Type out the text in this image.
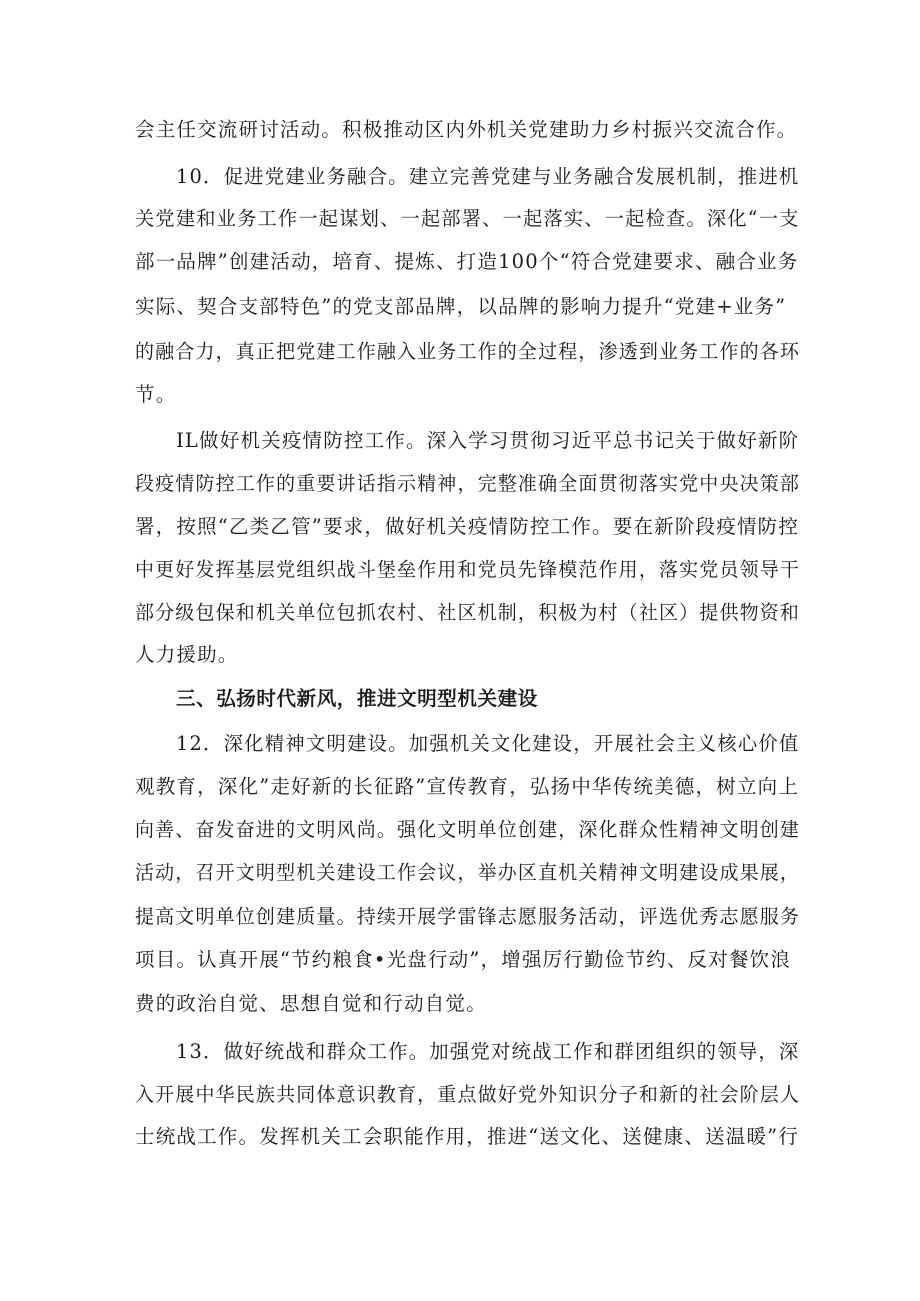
会主任交流研讨活动。积极推动区内外机关党建助力乡村振兴交流合作。
10．促进党建业务融合。建立完善党建与业务融合发展机制，推进机
关党建和业务工作一起谋划、一起部署、一起落实、一起检查。深化“一支
部一品牌”创建活动，培育、提炼、打造100个“符合党建要求、融合业务
实际、契合支部特色”的党支部品牌，以品牌的影响力提升“党建+业务”
的融合力，真正把党建工作融入业务工作的全过程，渗透到业务工作的各环
节。
IL做好机关疫情防控工作。深入学习贯彻习近平总书记关于做好新阶
段疫情防控工作的重要讲话指示精神，完整准确全面贯彻落实党中央决策部
署，按照“乙类乙管”要求，做好机关疫情防控工作。要在新阶段疫情防控
中更好发挥基层党组织战斗堡垒作用和党员先锋模范作用，落实党员领导干
部分级包保和机关单位包抓农村、社区机制，积极为村（社区）提供物资和
人力援助。
三、弘扬时代新风，推进文明型机关建设
12．深化精神文明建设。加强机关文化建设，开展社会主义核心价值
观教育，深化”走好新的长征路”宣传教育，弘扬中华传统美德，树立向上
向善、奋发奋进的文明风尚。强化文明单位创建，深化群众性精神文明创建
活动，召开文明型机关建设工作会议，举办区直机关精神文明建设成果展，
提高文明单位创建质量。持续开展学雷锋志愿服务活动，评选优秀志愿服务
项目。认真开展“节约粮食•光盘行动”，增强厉行勤俭节约、反对餐饮浪
费的政治自觉、思想自觉和行动自觉。
13．做好统战和群众工作。加强党对统战工作和群团组织的领导，深
入开展中华民族共同体意识教育，重点做好党外知识分子和新的社会阶层人
士统战工作。发挥机关工会职能作用，推进“送文化、送健康、送温暖”行
